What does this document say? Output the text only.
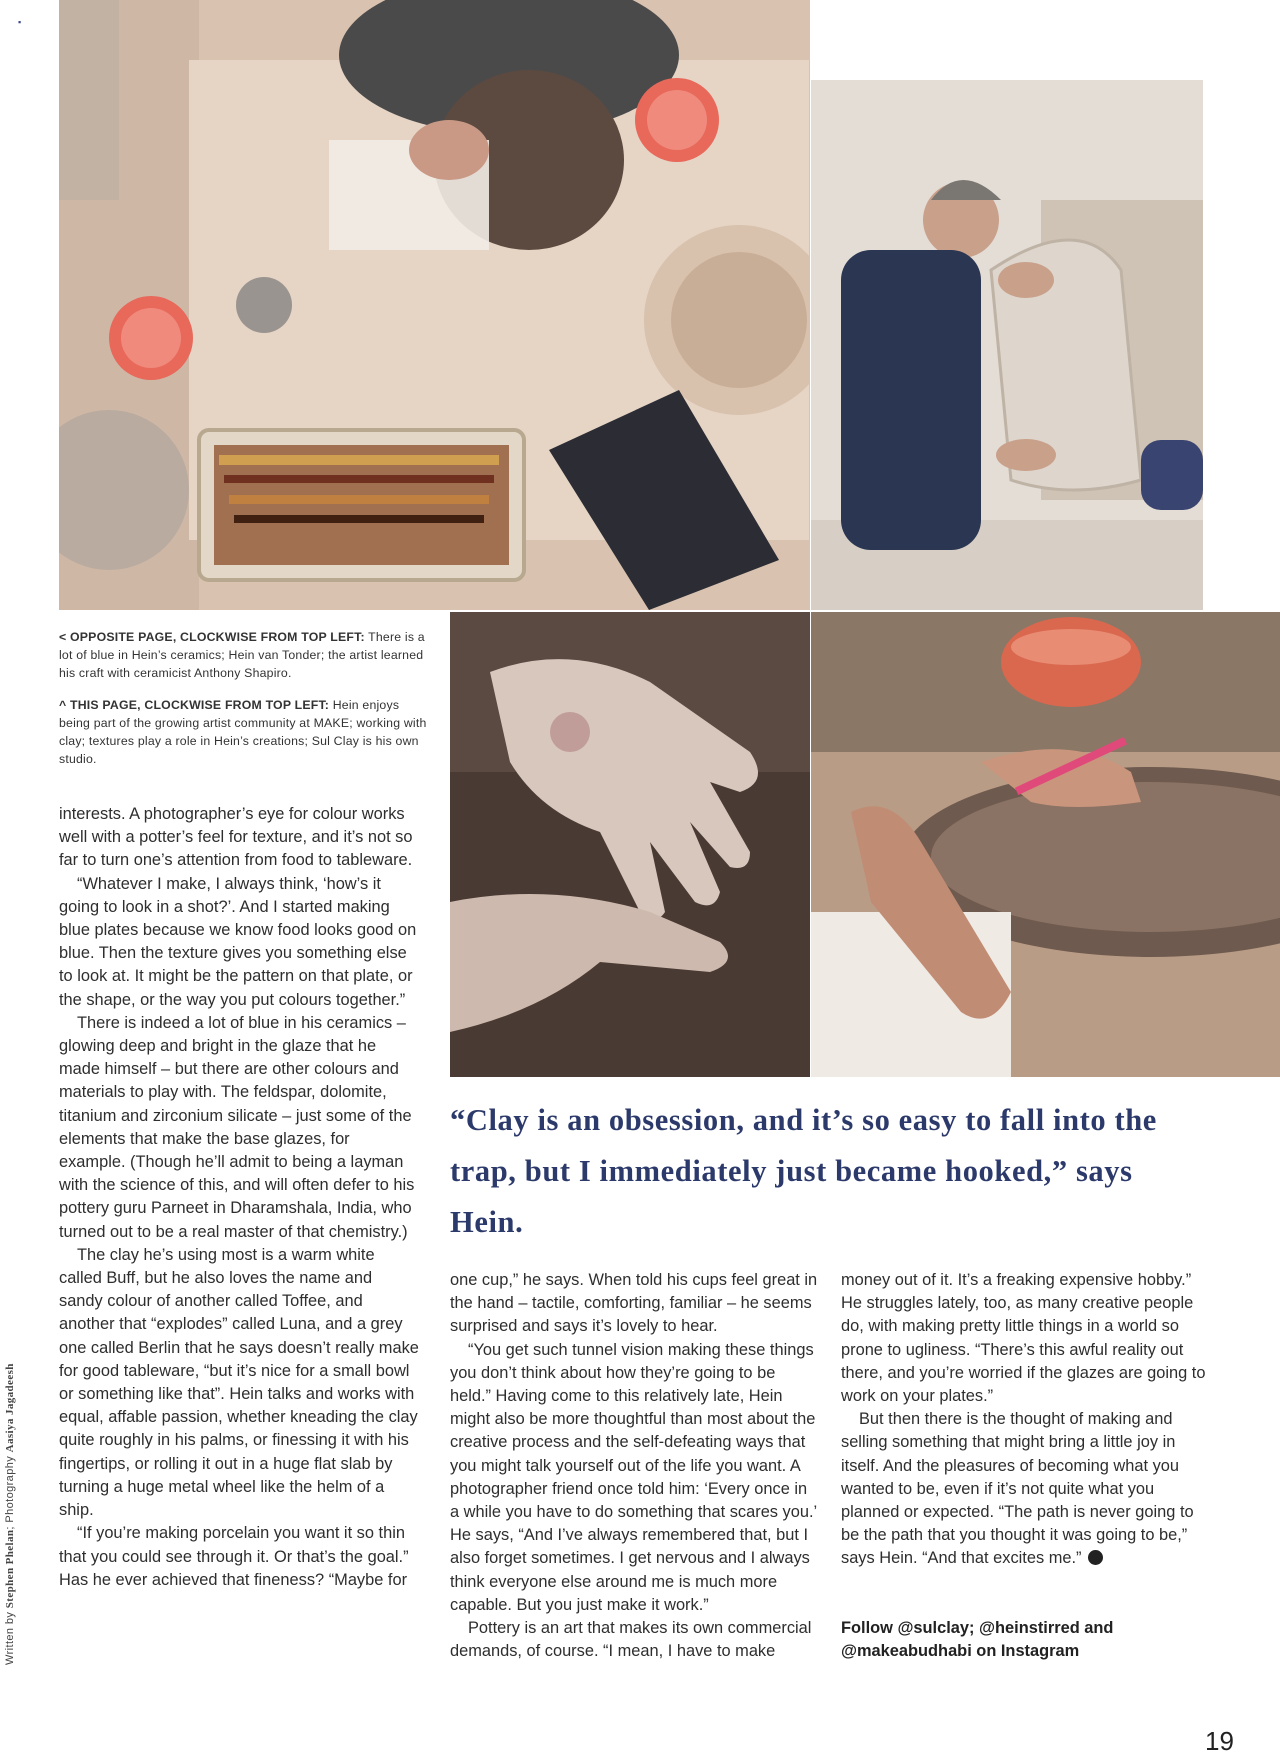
▪

< OPPOSITE PAGE, CLOCKWISE FROM TOP LEFT: There is a lot of blue in Hein’s ceramics; Hein van Tonder; the artist learned his craft with ceramicist Anthony Shapiro.

^ THIS PAGE, CLOCKWISE FROM TOP LEFT: Hein enjoys being part of the growing artist community at MAKE; working with clay; textures play a role in Hein’s creations; Sul Clay is his own studio.

interests. A photographer’s eye for colour works well with a potter’s feel for texture, and it’s not so far to turn one’s attention from food to tableware.

“Whatever I make, I always think, ‘how’s it going to look in a shot?’. And I started making blue plates because we know food looks good on blue. Then the texture gives you something else to look at. It might be the pattern on that plate, or the shape, or the way you put colours together.”

There is indeed a lot of blue in his ceramics – glowing deep and bright in the glaze that he made himself – but there are other colours and materials to play with. The feldspar, dolomite, titanium and zirconium silicate – just some of the elements that make the base glazes, for example. (Though he’ll admit to being a layman with the science of this, and will often defer to his pottery guru Parneet in Dharamshala, India, who turned out to be a real master of that chemistry.)

The clay he’s using most is a warm white called Buff, but he also loves the name and sandy colour of another called Toffee, and another that “explodes” called Luna, and a grey one called Berlin that he says doesn’t really make for good tableware, “but it’s nice for a small bowl or something like that”. Hein talks and works with equal, affable passion, whether kneading the clay quite roughly in his palms, or finessing it with his fingertips, or rolling it out in a huge flat slab by turning a huge metal wheel like the helm of a ship.

“If you’re making porcelain you want it so thin that you could see through it. Or that’s the goal.” Has he ever achieved that fineness? “Maybe for

“Clay is an obsession, and it’s so easy to fall into the trap, but I immediately just became hooked,” says Hein.

one cup,” he says. When told his cups feel great in the hand – tactile, comforting, familiar – he seems surprised and says it’s lovely to hear.

“You get such tunnel vision making these things you don’t think about how they’re going to be held.” Having come to this relatively late, Hein might also be more thoughtful than most about the creative process and the self-defeating ways that you might talk yourself out of the life you want. A photographer friend once told him: ‘Every once in a while you have to do something that scares you.’ He says, “And I’ve always remembered that, but I also forget sometimes. I get nervous and I always think everyone else around me is much more capable. But you just make it work.”

Pottery is an art that makes its own commercial demands, of course. “I mean, I have to make

money out of it. It’s a freaking expensive hobby.” He struggles lately, too, as many creative people do, with making pretty little things in a world so prone to ugliness. “There’s this awful reality out there, and you’re worried if the glazes are going to work on your plates.”

But then there is the thought of making and selling something that might bring a little joy in itself. And the pleasures of becoming what you wanted to be, even if it’s not quite what you planned or expected. “The path is never going to be the path that you thought it was going to be,” says Hein. “And that excites me.”

Follow @sulclay; @heinstirred and @makeabudhabi on Instagram
Written by Stephen Phelan; Photography Aasiya Jagadeesh
19
